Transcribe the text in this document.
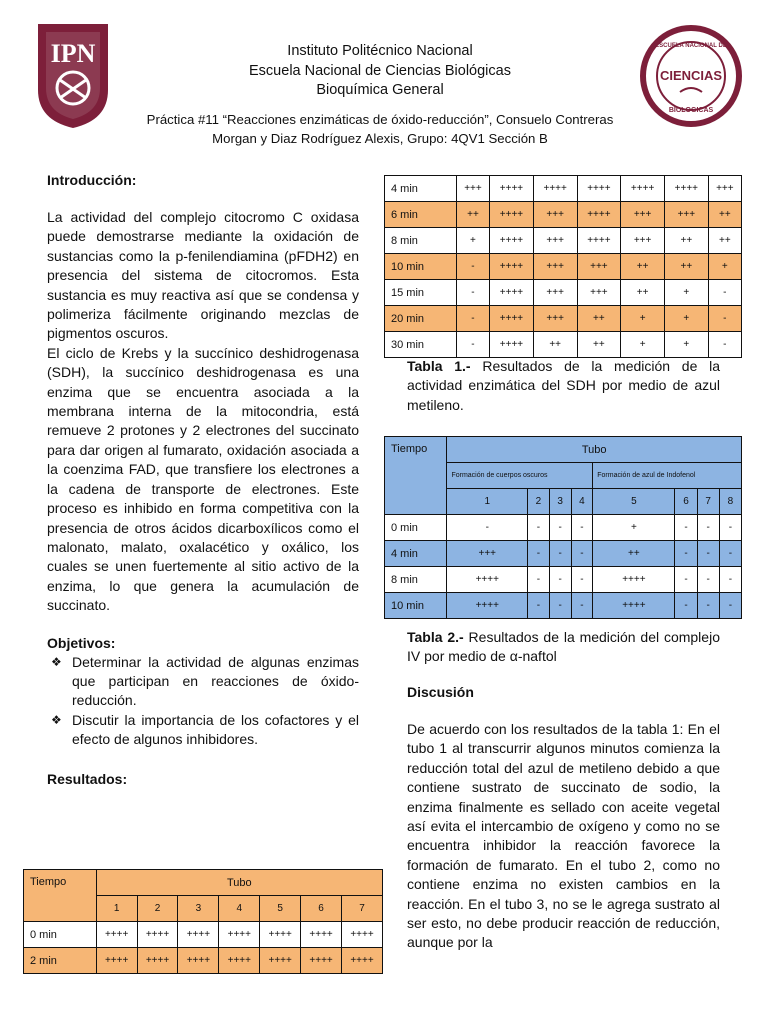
IPN	Instituto Politécnico Nacional
Escuela Nacional de Ciencias Biológicas
Bioquímica General
Práctica #11 “Reacciones enzimáticas de óxido-reducción”, Consuelo Contreras
Morgan y Diaz Rodríguez Alexis, Grupo: 4QV1 Sección B
ESCUELA NACIONAL DE
CIENCIAS
BIOLOGICAS

Introducción:

La actividad del complejo citocromo C oxidasa puede demostrarse mediante la oxidación de sustancias como la p-fenilendiamina (pFDH2) en presencia del sistema de citocromos. Esta sustancia es muy reactiva así que se condensa y polimeriza fácilmente originando mezclas de pigmentos oscuros.

El ciclo de Krebs y la succínico deshidrogenasa (SDH), la succínico deshidrogenasa es una enzima que se encuentra asociada a la membrana interna de la mitocondria, está remueve 2 protones y 2 electrones del succinato para dar origen al fumarato, oxidación asociada a la coenzima FAD, que transfiere los electrones a la cadena de transporte de electrones. Este proceso es inhibido en forma competitiva con la presencia de otros ácidos dicarboxílicos como el malonato, malato, oxalacético y oxálico, los cuales se unen fuertemente al sitio activo de la enzima, lo que genera la acumulación de succinato.

Objetivos:

❖ Determinar la actividad de algunas enzimas que participan en reacciones de óxido-reducción.
❖ Discutir la importancia de los cofactores y el efecto de algunos inhibidores.

Resultados:

4 min	+++	++++	++++	++++	++++	++++	+++
6 min	++	++++	+++	++++	+++	+++	++
8 min	+	++++	+++	++++	+++	++	++
10 min	-	++++	+++	+++	++	++	+
15 min	-	++++	+++	+++	++	+	-
20 min	-	++++	+++	++	+	+	-
30 min	-	++++	++	++	+	+	-
Tabla 1.- Resultados de la medición de la actividad enzimática del SDH por medio de azul metileno.
Tiempo	Tubo							
	Formación de cuerpos oscuros				Formación de azul de Indofenol			
	1	2	3	4	5	6	7	8
0 min	-	-	-	-	+	-	-	-
4 min	+++	-	-	-	++	-	-	-
8 min	++++	-	-	-	++++	-	-	-
10 min	++++	-	-	-	++++	-	-	-
Tabla 2.- Resultados de la medición del complejo IV por medio de α-naftol
Tiempo	Tubo						
	1	2	3	4	5	6	7
0 min	++++	++++	++++	++++	++++	++++	++++
2 min	++++	++++	++++	++++	++++	++++	++++

Discusión

De acuerdo con los resultados de la tabla 1: En el tubo 1 al transcurrir algunos minutos comienza la reducción total del azul de metileno debido a que contiene sustrato de succinato de sodio, la enzima finalmente es sellado con aceite vegetal así evita el intercambio de oxígeno y como no se encuentra inhibidor la reacción favorece la formación de fumarato. En el tubo 2, como no contiene enzima no existen cambios en la reacción. En el tubo 3, no se le agrega sustrato al ser esto, no debe producir reacción de reducción, aunque por la
